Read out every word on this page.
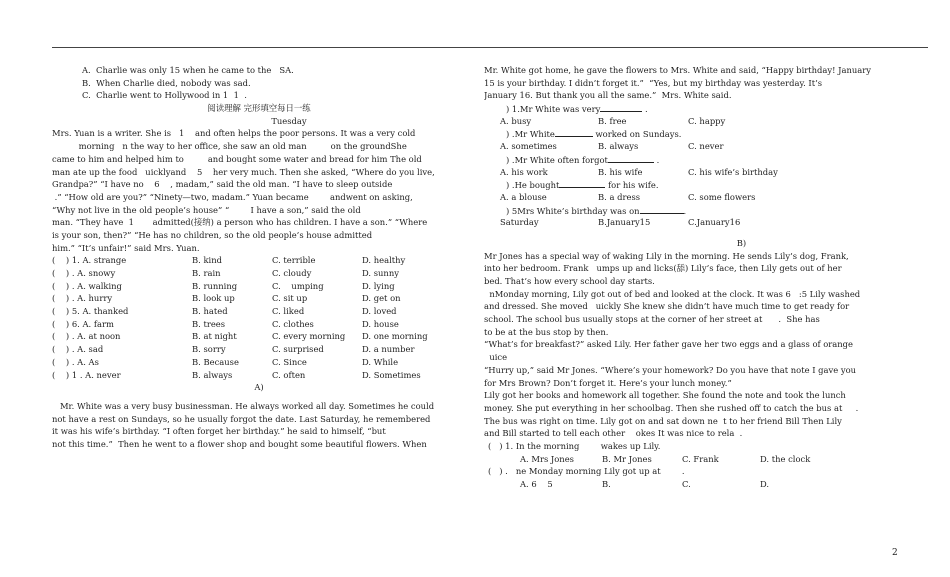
A.  Charlie was only 15 when he came to the   SA.
B.  When Charlie died, nobody was sad.
C.  Charlie went to Hollywood in 1  1  .
阅读理解 完形填空每日一练
Tuesday
Mrs. Yuan is a writer. She is   1    and often helps the poor persons. It was a very cold
morning   n the way to her office, she saw an old man         on the groundShe
came to him and helped him to         and bought some water and bread for him The old
man ate up the food   uicklyand    5    her very much. Then she asked, “Where do you live,
Grandpa?” “I have no    6    , madam,” said the old man. “I have to sleep outside
.” “How old are you?” “Ninety—two, madam.” Yuan became        andwent on asking,
“Why not live in the old people’s house” “        I have a son,” said the old
man. “They have  1       admitted(接纳) a person who has children. I have a son.” “Where
is your son, then?” “He has no children, so the old people’s house admitted
him.” “It’s unfair!” said Mrs. Yuan.
(    ) 1. A. strange	B. kind	C. terrible	D. healthy
(    ) . A. snowy	B. rain	C. cloudy	D. sunny
(    ) . A. walking	B. running	C.    umping	D. lying
(    ) . A. hurry	B. look up	C. sit up	D. get on
(    ) 5. A. thanked	B. hated	C. liked	D. loved
(    ) 6. A. farm	B. trees	C. clothes	D. house
(    ) . A. at noon	B. at night	C. every morning	D. one morning
(    ) . A. sad	B. sorry	C. surprised	D. a number
(    ) . A. As	B. Because	C. Since	D. While
(    ) 1 . A. never	B. always	C. often	D. Sometimes
A)
Mr. White was a very busy businessman. He always worked all day. Sometimes he could
not have a rest on Sundays, so he usually forgot the date. Last Saturday, he remembered
it was his wife’s birthday. “I often forget her birthday.” he said to himself, “but
not this time.”  Then he went to a flower shop and bought some beautiful flowers. When
Mr. White got home, he gave the flowers to Mrs. White and said, “Happy birthday! January
15 is your birthday. I didn’t forget it.”  “Yes, but my birthday was yesterday. It’s
January 16. But thank you all the same.”  Mrs. White said.
) 1.Mr White was very	.
A. busy	B. free	C. happy
) .Mr White	worked on Sundays.
A. sometimes	B. always	C. never
) .Mr White often forgot	.
A. his work	B. his wife	C. his wife’s birthday
) .He bought	for his wife.
A. a blouse	B. a dress	C. some flowers
) 5Mrs White’s birthday was on	.
Saturday	B.January15	C.January16
B)
Mr Jones has a special way of waking Lily in the morning. He sends Lily’s dog, Frank,
into her bedroom. Frank   umps up and licks(舔) Lily’s face, then Lily gets out of her
bed. That’s how every school day starts.
nMonday morning, Lily got out of bed and looked at the clock. It was 6   :5 Lily washed
and dressed. She moved   uickly She knew she didn’t have much time to get ready for
school. The school bus usually stops at the corner of her street at      .  She has
to be at the bus stop by then.
“What’s for breakfast?” asked Lily. Her father gave her two eggs and a glass of orange
uice
“Hurry up,” said Mr Jones. “Where’s your homework? Do you have that note I gave you
for Mrs Brown? Don’t forget it. Here’s your lunch money.”
Lily got her books and homework all together. She found the note and took the lunch
money. She put everything in her schoolbag. Then she rushed off to catch the bus at     .
The bus was right on time. Lily got on and sat down ne  t to her friend Bill Then Lily
and Bill started to tell each other    okes It was nice to rela  .
(   ) 1. In the morning        wakes up Lily.
A. Mrs Jones	B. Mr Jones	C. Frank	D. the clock
(   ) .   ne Monday morning Lily got up at        .
A. 6    5	B.	C.	D.
2
